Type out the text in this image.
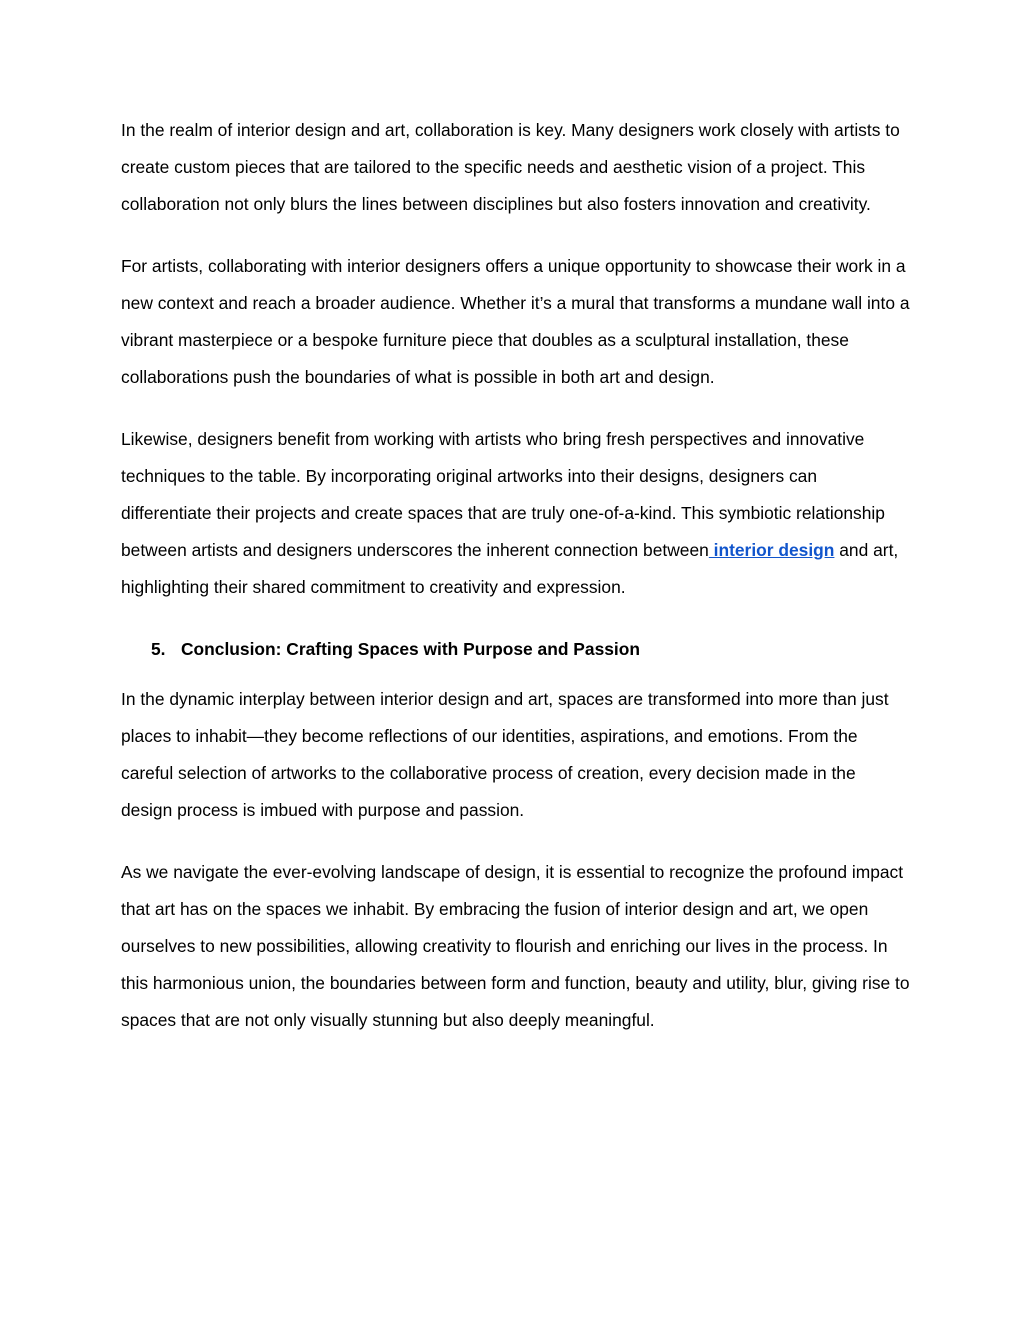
In the realm of interior design and art, collaboration is key. Many designers work closely with artists to create custom pieces that are tailored to the specific needs and aesthetic vision of a project. This collaboration not only blurs the lines between disciplines but also fosters innovation and creativity.

For artists, collaborating with interior designers offers a unique opportunity to showcase their work in a new context and reach a broader audience. Whether it’s a mural that transforms a mundane wall into a vibrant masterpiece or a bespoke furniture piece that doubles as a sculptural installation, these collaborations push the boundaries of what is possible in both art and design.

Likewise, designers benefit from working with artists who bring fresh perspectives and innovative techniques to the table. By incorporating original artworks into their designs, designers can differentiate their projects and create spaces that are truly one-of-a-kind. This symbiotic relationship between artists and designers underscores the inherent connection between interior design and art, highlighting their shared commitment to creativity and expression.

5. Conclusion: Crafting Spaces with Purpose and Passion

In the dynamic interplay between interior design and art, spaces are transformed into more than just places to inhabit—they become reflections of our identities, aspirations, and emotions. From the careful selection of artworks to the collaborative process of creation, every decision made in the design process is imbued with purpose and passion.

As we navigate the ever-evolving landscape of design, it is essential to recognize the profound impact that art has on the spaces we inhabit. By embracing the fusion of interior design and art, we open ourselves to new possibilities, allowing creativity to flourish and enriching our lives in the process. In this harmonious union, the boundaries between form and function, beauty and utility, blur, giving rise to spaces that are not only visually stunning but also deeply meaningful.
